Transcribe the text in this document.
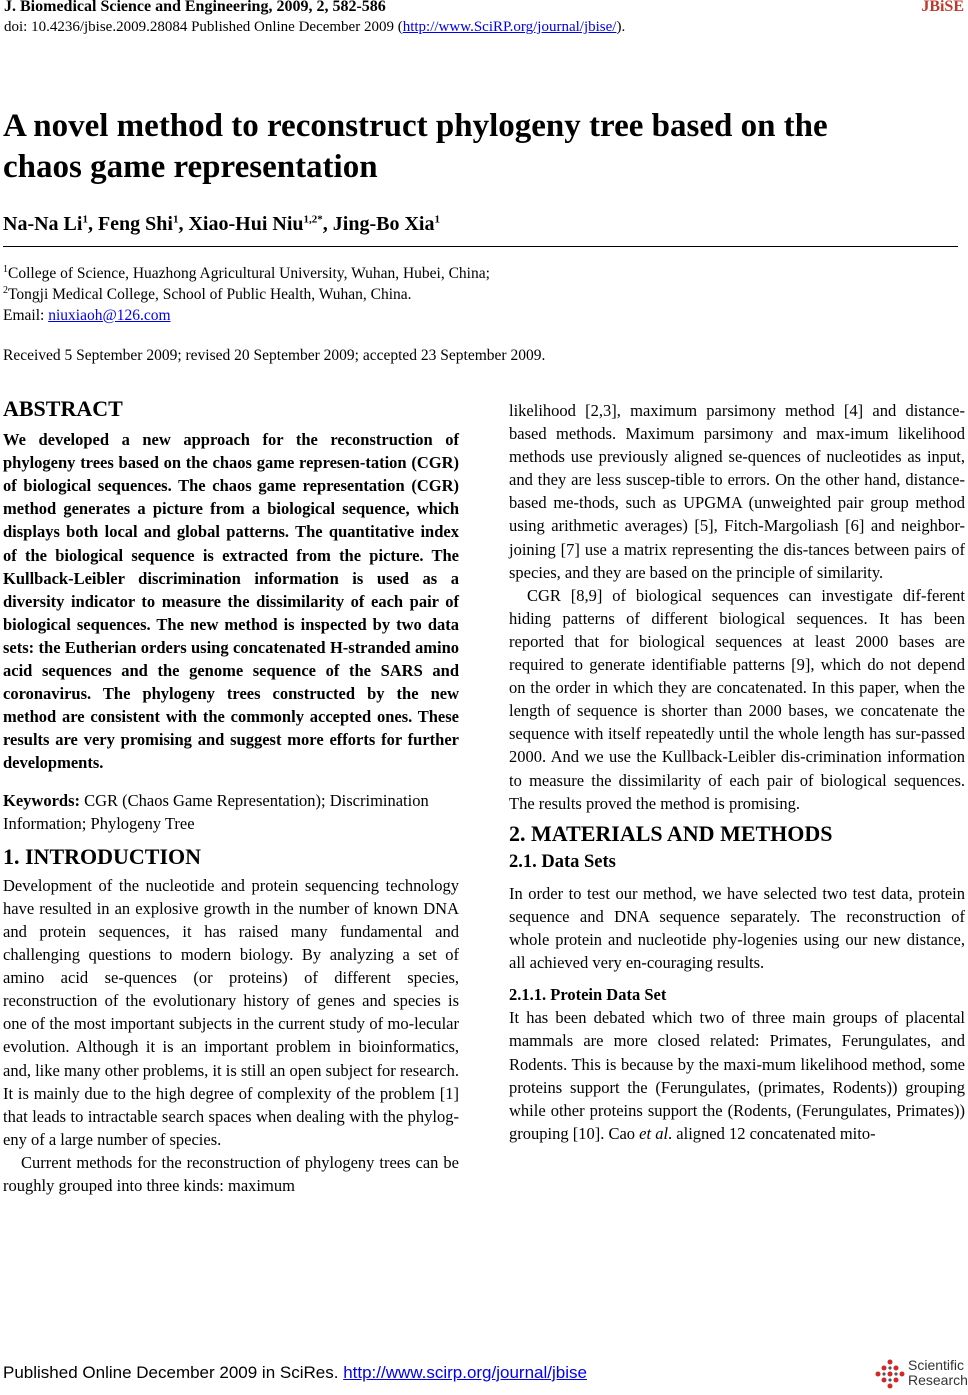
J. Biomedical Science and Engineering, 2009, 2, 582-586	JBiSE
doi: 10.4236/jbise.2009.28084 Published Online December 2009 (http://www.SciRP.org/journal/jbise/).
A novel method to reconstruct phylogeny tree based on the
chaos game representation
Na-Na Li$^1$, Feng Shi$^1$, Xiao-Hui Niu$^{1,2*}$, Jing-Bo Xia$^1$
$^1$College of Science, Huazhong Agricultural University, Wuhan, Hubei, China;
$^2$Tongji Medical College, School of Public Health, Wuhan, China.
Email: niuxiaoh@126.com
Received 5 September 2009; revised 20 September 2009; accepted 23 September 2009.
ABSTRACT

We developed a new approach for the reconstruction of phylogeny trees based on the chaos game represen-tation (CGR) of biological sequences. The chaos game representation (CGR) method generates a picture from a biological sequence, which displays both local and global patterns. The quantitative index of the biological sequence is extracted from the picture. The Kullback-Leibler discrimination information is used as a diversity indicator to measure the dissimilarity of each pair of biological sequences. The new method is inspected by two data sets: the Eutherian orders using concatenated H-stranded amino acid sequences and the genome sequence of the SARS and coronavirus. The phylogeny trees constructed by the new method are consistent with the commonly accepted ones. These results are very promising and suggest more efforts for further developments.

Keywords: CGR (Chaos Game Representation); Discrimination Information; Phylogeny Tree

1. INTRODUCTION

Development of the nucleotide and protein sequencing technology have resulted in an explosive growth in the number of known DNA and protein sequences, it has raised many fundamental and challenging questions to modern biology. By analyzing a set of amino acid se-quences (or proteins) of different species, reconstruction of the evolutionary history of genes and species is one of the most important subjects in the current study of mo-lecular evolution. Although it is an important problem in bioinformatics, and, like many other problems, it is still an open subject for research. It is mainly due to the high degree of complexity of the problem [1] that leads to intractable search spaces when dealing with the phylog-eny of a large number of species.

Current methods for the reconstruction of phylogeny trees can be roughly grouped into three kinds: maximum

likelihood [2,3], maximum parsimony method [4] and distance-based methods. Maximum parsimony and max-imum likelihood methods use previously aligned se-quences of nucleotides as input, and they are less suscep-tible to errors. On the other hand, distance-based me-thods, such as UPGMA (unweighted pair group method using arithmetic averages) [5], Fitch-Margoliash [6] and neighbor-joining [7] use a matrix representing the dis-tances between pairs of species, and they are based on the principle of similarity.

CGR [8,9] of biological sequences can investigate dif-ferent hiding patterns of different biological sequences. It has been reported that for biological sequences at least 2000 bases are required to generate identifiable patterns [9], which do not depend on the order in which they are concatenated. In this paper, when the length of sequence is shorter than 2000 bases, we concatenate the sequence with itself repeatedly until the whole length has sur-passed 2000. And we use the Kullback-Leibler dis-crimination information to measure the dissimilarity of each pair of biological sequences. The results proved the method is promising.

2. MATERIALS AND METHODS
2.1. Data Sets

In order to test our method, we have selected two test data, protein sequence and DNA sequence separately. The reconstruction of whole protein and nucleotide phy-logenies using our new distance, all achieved very en-couraging results.

2.1.1. Protein Data Set

It has been debated which two of three main groups of placental mammals are more closed related: Primates, Ferungulates, and Rodents. This is because by the maxi-mum likelihood method, some proteins support the (Ferungulates, (primates, Rodents)) grouping while other proteins support the (Rodents, (Ferungulates, Primates)) grouping [10]. Cao et al. aligned 12 concatenated mito-

Published Online December 2009 in SciRes. http://www.scirp.org/journal/jbise	Scientific
Research
